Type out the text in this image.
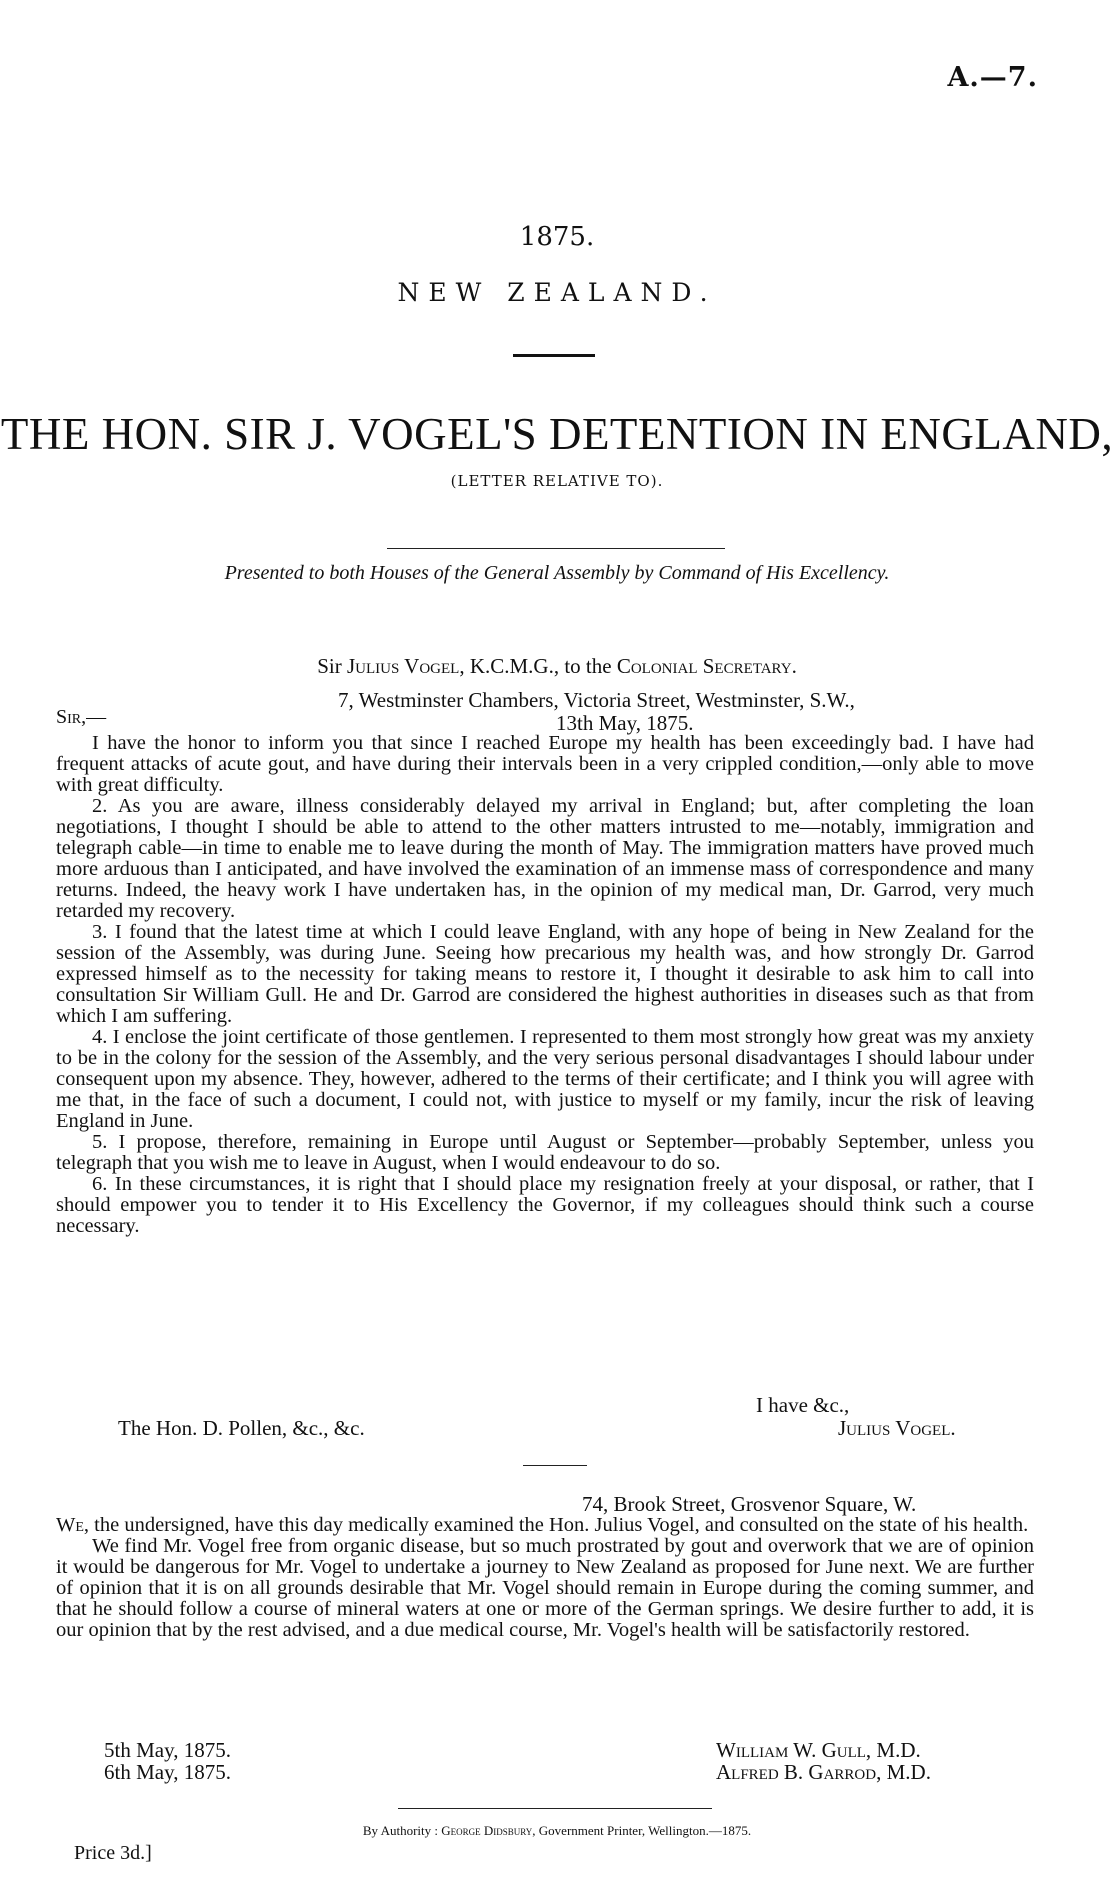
A.—7.
1875.
NEW ZEALAND.
THE HON. SIR J. VOGEL'S DETENTION IN ENGLAND,
(LETTER RELATIVE TO).
Presented to both Houses of the General Assembly by Command of His Excellency.
Sir Julius Vogel, K.C.M.G., to the Colonial Secretary.
7, Westminster Chambers, Victoria Street, Westminster, S.W.,
Sir,—	13th May, 1875.

I have the honor to inform you that since I reached Europe my health has been exceedingly bad. I have had frequent attacks of acute gout, and have during their intervals been in a very crippled condition,—only able to move with great difficulty.

2. As you are aware, illness considerably delayed my arrival in England; but, after completing the loan negotiations, I thought I should be able to attend to the other matters intrusted to me—notably, immigration and telegraph cable—in time to enable me to leave during the month of May. The immigration matters have proved much more arduous than I anticipated, and have involved the examination of an immense mass of correspondence and many returns. Indeed, the heavy work I have undertaken has, in the opinion of my medical man, Dr. Garrod, very much retarded my recovery.

3. I found that the latest time at which I could leave England, with any hope of being in New Zealand for the session of the Assembly, was during June. Seeing how precarious my health was, and how strongly Dr. Garrod expressed himself as to the necessity for taking means to restore it, I thought it desirable to ask him to call into consultation Sir William Gull. He and Dr. Garrod are considered the highest authorities in diseases such as that from which I am suffering.

4. I enclose the joint certificate of those gentlemen. I represented to them most strongly how great was my anxiety to be in the colony for the session of the Assembly, and the very serious personal disadvantages I should labour under consequent upon my absence. They, however, adhered to the terms of their certificate; and I think you will agree with me that, in the face of such a document, I could not, with justice to myself or my family, incur the risk of leaving England in June.

5. I propose, therefore, remaining in Europe until August or September—probably September, unless you telegraph that you wish me to leave in August, when I would endeavour to do so.

6. In these circumstances, it is right that I should place my resignation freely at your disposal, or rather, that I should empower you to tender it to His Excellency the Governor, if my colleagues should think such a course necessary.

I have &c.,
The Hon. D. Pollen, &c., &c.	Julius Vogel.
74, Brook Street, Grosvenor Square, W.

We, the undersigned, have this day medically examined the Hon. Julius Vogel, and consulted on the state of his health.

We find Mr. Vogel free from organic disease, but so much prostrated by gout and overwork that we are of opinion it would be dangerous for Mr. Vogel to undertake a journey to New Zealand as proposed for June next. We are further of opinion that it is on all grounds desirable that Mr. Vogel should remain in Europe during the coming summer, and that he should follow a course of mineral waters at one or more of the German springs. We desire further to add, it is our opinion that by the rest advised, and a due medical course, Mr. Vogel's health will be satisfactorily restored.

5th May, 1875.
6th May, 1875.
William W. Gull, M.D.
Alfred B. Garrod, M.D.
By Authority : George Didsbury, Government Printer, Wellington.—1875.
Price 3d.]
